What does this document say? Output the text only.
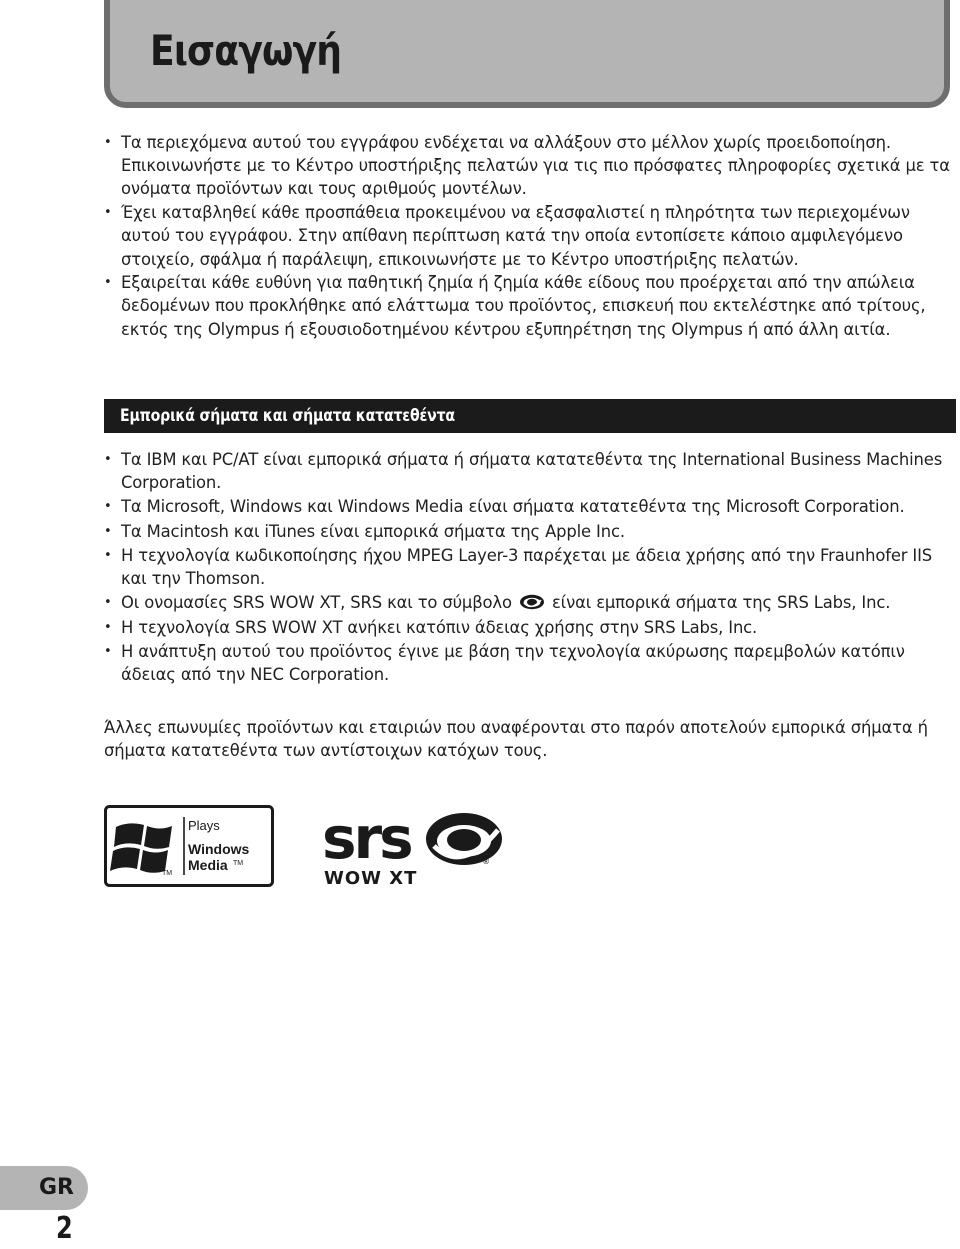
Εισαγωγή
• Τα περιεχόμενα αυτού του εγγράφου ενδέχεται να αλλάξουν στο μέλλον χωρίς προειδοποίηση. Επικοινωνήστε με το Κέντρο υποστήριξης πελατών για τις πιο πρόσφατες πληροφορίες σχετικά με τα ονόματα προϊόντων και τους αριθμούς μοντέλων.
• Έχει καταβληθεί κάθε προσπάθεια προκειμένου να εξασφαλιστεί η πληρότητα των περιεχομένων αυτού του εγγράφου. Στην απίθανη περίπτωση κατά την οποία εντοπίσετε κάποιο αμφιλεγόμενο στοιχείο, σφάλμα ή παράλειψη, επικοινωνήστε με το Κέντρο υποστήριξης πελατών.
• Εξαιρείται κάθε ευθύνη για παθητική ζημία ή ζημία κάθε είδους που προέρχεται από την απώλεια δεδομένων που προκλήθηκε από ελάττωμα του προϊόντος, επισκευή που εκτελέστηκε από τρίτους, εκτός της Olympus ή εξουσιοδοτημένου κέντρου εξυπηρέτηση της Olympus ή από άλλη αιτία.
Εμπορικά σήματα και σήματα κατατεθέντα
• Τα IBM και PC/AT είναι εμπορικά σήματα ή σήματα κατατεθέντα της International Business Machines Corporation.
• Τα Microsoft, Windows και Windows Media είναι σήματα κατατεθέντα της Microsoft Corporation.
• Τα Macintosh και iTunes είναι εμπορικά σήματα της Apple Inc.
• Η τεχνολογία κωδικοποίησης ήχου MPEG Layer-3 παρέχεται με άδεια χρήσης από την Fraunhofer IIS και την Thomson.
• Οι ονομασίες SRS WOW XT, SRS και το σύμβολο είναι εμπορικά σήματα της SRS Labs, Inc.
• Η τεχνολογία SRS WOW XT ανήκει κατόπιν άδειας χρήσης στην SRS Labs, Inc.
• Η ανάπτυξη αυτού του προϊόντος έγινε με βάση την τεχνολογία ακύρωσης παρεμβολών κατόπιν άδειας από την NEC Corporation.

Άλλες επωνυμίες προϊόντων και εταιριών που αναφέρονται στο παρόν αποτελούν εμπορικά σήματα ή σήματα κατατεθέντα των αντίστοιχων κατόχων τους.

TM
Plays
Windows
Media TM srs	®
WOW XT
GR
2
